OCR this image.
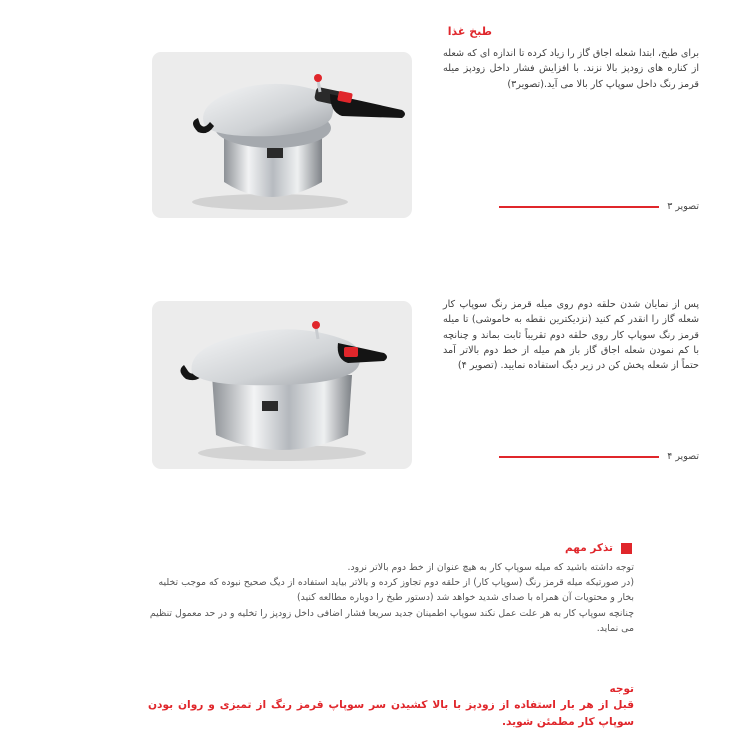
طبخ غذا
برای طبخ، ابتدا شعله اجاق گاز را زیاد کرده تا اندازه ای که شعله از کناره های زودپز بالا نزند. با افزایش فشار داخل زودپز میله قرمز رنگ داخل سوپاپ کار بالا می آید.(تصویر۳)
تصویر ۳
پس از نمایان شدن حلقه دوم روی میله قرمز رنگ سوپاپ کار شعله گاز را انقدر کم کنید (نزدیکترین نقطه به خاموشی) تا میله قرمز رنگ سوپاپ کار روی حلقه دوم تقریباً ثابت بماند و چنانچه با کم نمودن شعله اجاق گاز باز هم میله از خط دوم بالاتر آمد حتماً از شعله پخش کن در زیر دیگ استفاده نمایید. (تصویر ۴)
تصویر ۴
تذکر مهم

توجه داشته باشید که میله سوپاپ کار به هیچ عنوان از خط دوم بالاتر نرود.

(در صورتیکه میله قرمز رنگ (سوپاپ کار) از حلقه دوم تجاوز کرده و بالاتر بیاید استفاده از دیگ صحیح نبوده که موجب تخلیه بخار و محتویات آن همراه با صدای شدید خواهد شد (دستور طبخ را دوباره مطالعه کنید)

چنانچه سوپاپ کار به هر علت عمل نکند سوپاپ اطمینان جدید سریعا فشار اضافی داخل زودپز را تخلیه و در حد معمول تنظیم می نماید.

توجه
قبل از هر بار استفاده از زودپز با بالا کشیدن سر سوپاپ قرمز رنگ از تمیزی و روان بودن سوپاپ کار مطمئن شوید.
